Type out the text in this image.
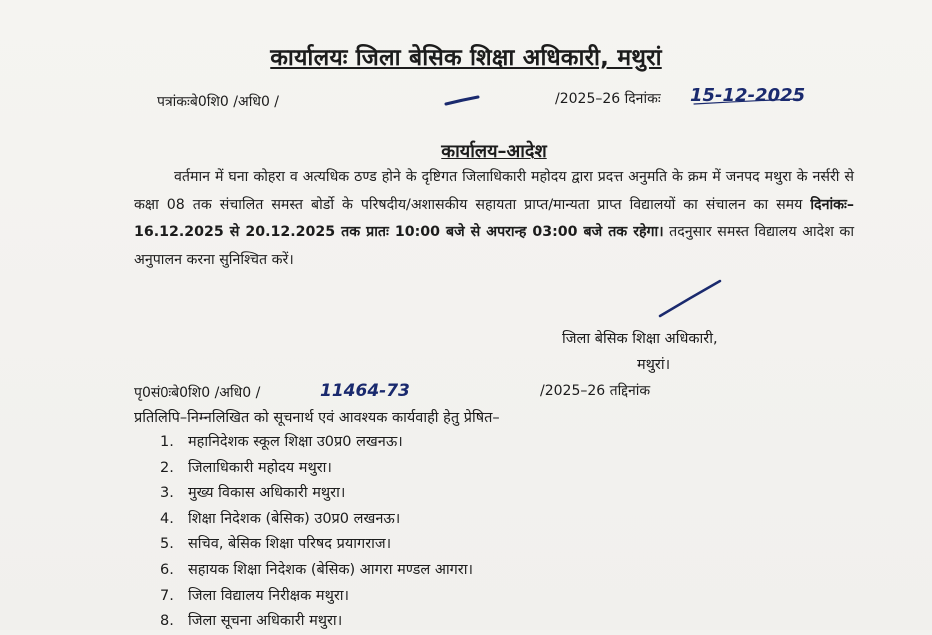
कार्यालयः जिला बेसिक शिक्षा अधिकारी, मथुरां
पत्रांकःबे0शि0 /अधि0 /	/2025–26 दिनांकः 15-12-2025
कार्यालय–आदेश
वर्तमान में घना कोहरा व अत्यधिक ठण्ड होने के दृष्टिगत जिलाधिकारी महोदय द्वारा प्रदत्त अनुमति के क्रम में जनपद मथुरा के नर्सरी से कक्षा 08 तक संचालित समस्त बोर्डो के परिषदीय/अशासकीय सहायता प्राप्त/मान्यता प्राप्त विद्यालयों का संचालन का समय दिनांकः–16.12.2025 से 20.12.2025 तक प्रातः 10:00 बजे से अपरान्ह 03:00 बजे तक रहेगा। तदनुसार समस्त विद्यालय आदेश का अनुपालन करना सुनिश्चित करें।
जिला बेसिक शिक्षा अधिकारी,
मथुरां।
पृ0सं0ःबे0शि0 /अधि0 /	11464-73	/2025–26 तद्दिनांक
प्रतिलिपि–निम्नलिखित को सूचनार्थ एवं आवश्यक कार्यवाही हेतु प्रेषित–
1. महानिदेशक स्कूल शिक्षा उ0प्र0 लखनऊ।
2. जिलाधिकारी महोदय मथुरा।
3. मुख्य विकास अधिकारी मथुरा।
4. शिक्षा निदेशक (बेसिक) उ0प्र0 लखनऊ।
5. सचिव, बेसिक शिक्षा परिषद प्रयागराज।
6. सहायक शिक्षा निदेशक (बेसिक) आगरा मण्डल आगरा।
7. जिला विद्यालय निरीक्षक मथुरा।
8. जिला सूचना अधिकारी मथुरा।
